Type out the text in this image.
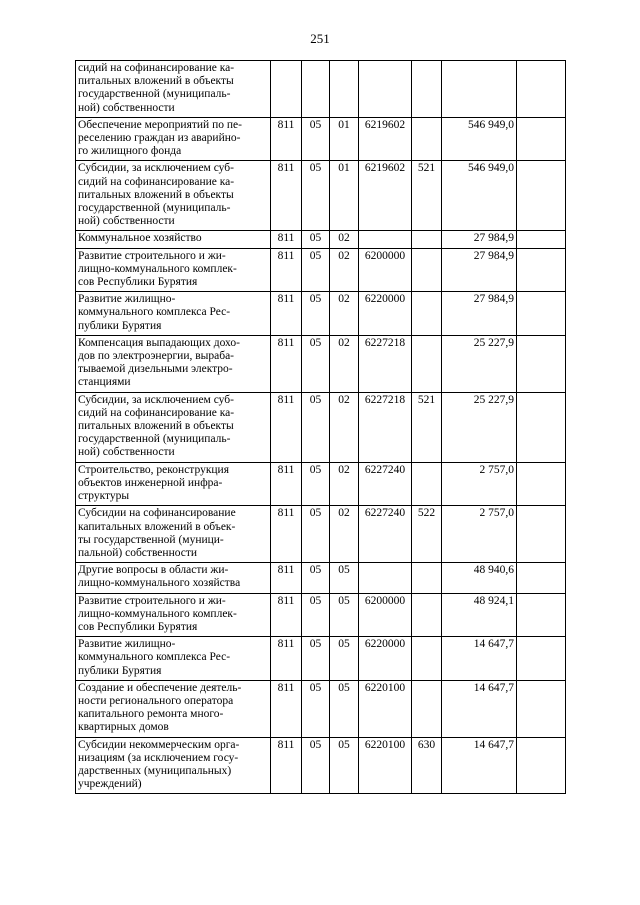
251
сидий на софинансирование ка-
питальных вложений в объекты
государственной (муниципаль-
ной) собственности							
Обеспечение мероприятий по пе-
реселению граждан из аварийно-
го жилищного фонда	811	05	01	6219602		546 949,0	
Субсидии, за исключением суб-
сидий на софинансирование ка-
питальных вложений в объекты
государственной (муниципаль-
ной) собственности	811	05	01	6219602	521	546 949,0	
Коммунальное хозяйство	811	05	02			27 984,9	
Развитие строительного и жи-
лищно-коммунального комплек-
сов Республики Бурятия	811	05	02	6200000		27 984,9	
Развитие жилищно-
коммунального комплекса Рес-
публики Бурятия	811	05	02	6220000		27 984,9	
Компенсация выпадающих дохо-
дов по электроэнергии, выраба-
тываемой дизельными электро-
станциями	811	05	02	6227218		25 227,9	
Субсидии, за исключением суб-
сидий на софинансирование ка-
питальных вложений в объекты
государственной (муниципаль-
ной) собственности	811	05	02	6227218	521	25 227,9	
Строительство, реконструкция
объектов инженерной инфра-
структуры	811	05	02	6227240		2 757,0	
Субсидии на софинансирование
капитальных вложений в объек-
ты государственной (муници-
пальной) собственности	811	05	02	6227240	522	2 757,0	
Другие вопросы в области жи-
лищно-коммунального хозяйства	811	05	05			48 940,6	
Развитие строительного и жи-
лищно-коммунального комплек-
сов Республики Бурятия	811	05	05	6200000		48 924,1	
Развитие жилищно-
коммунального комплекса Рес-
публики Бурятия	811	05	05	6220000		14 647,7	
Создание и обеспечение деятель-
ности регионального оператора
капитального ремонта много-
квартирных домов	811	05	05	6220100		14 647,7	
Субсидии некоммерческим орга-
низациям (за исключением госу-
дарственных (муниципальных)
учреждений)	811	05	05	6220100	630	14 647,7	
